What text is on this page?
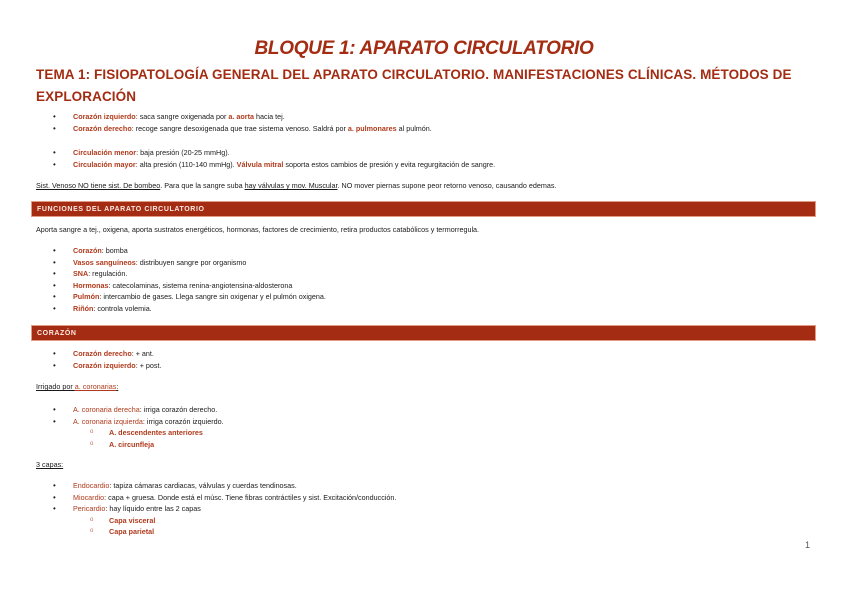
BLOQUE 1: APARATO CIRCULATORIO
TEMA 1: FISIOPATOLOGÍA GENERAL DEL APARATO CIRCULATORIO. MANIFESTACIONES CLÍNICAS. MÉTODOS DE EXPLORACIÓN
• Corazón izquierdo: saca sangre oxigenada por a. aorta hacia tej.
• Corazón derecho: recoge sangre desoxigenada que trae sistema venoso. Saldrá por a. pulmonares al pulmón.
• Circulación menor: baja presión (20-25 mmHg).
• Circulación mayor: alta presión (110-140 mmHg). Válvula mitral soporta estos cambios de presión y evita regurgitación de sangre.
Sist. Venoso NO tiene sist. De bombeo. Para que la sangre suba hay válvulas y mov. Muscular. NO mover piernas supone peor retorno venoso, causando edemas.
FUNCIONES DEL APARATO CIRCULATORIO
Aporta sangre a tej., oxigena, aporta sustratos energéticos, hormonas, factores de crecimiento, retira productos catabólicos y termorregula.
• Corazón: bomba
• Vasos sanguíneos: distribuyen sangre por organismo
• SNA: regulación.
• Hormonas: catecolaminas, sistema renina-angiotensina-aldosterona
• Pulmón: intercambio de gases. Llega sangre sin oxigenar y el pulmón oxigena.
• Riñón: controla volemia.
CORAZÓN
• Corazón derecho: + ant.
• Corazón izquierdo: + post.
Irrigado por a. coronarias:
• A. coronaria derecha: irriga corazón derecho.
• A. coronaria izquierda: irriga corazón izquierdo.
o A. descendentes anteriores
o A. circunfleja
3 capas:
• Endocardio: tapiza cámaras cardiacas, válvulas y cuerdas tendinosas.
• Miocardio: capa + gruesa. Donde está el músc. Tiene fibras contráctiles y sist. Excitación/conducción.
• Pericardio: hay líquido entre las 2 capas
o Capa visceral
o Capa parietal
1
